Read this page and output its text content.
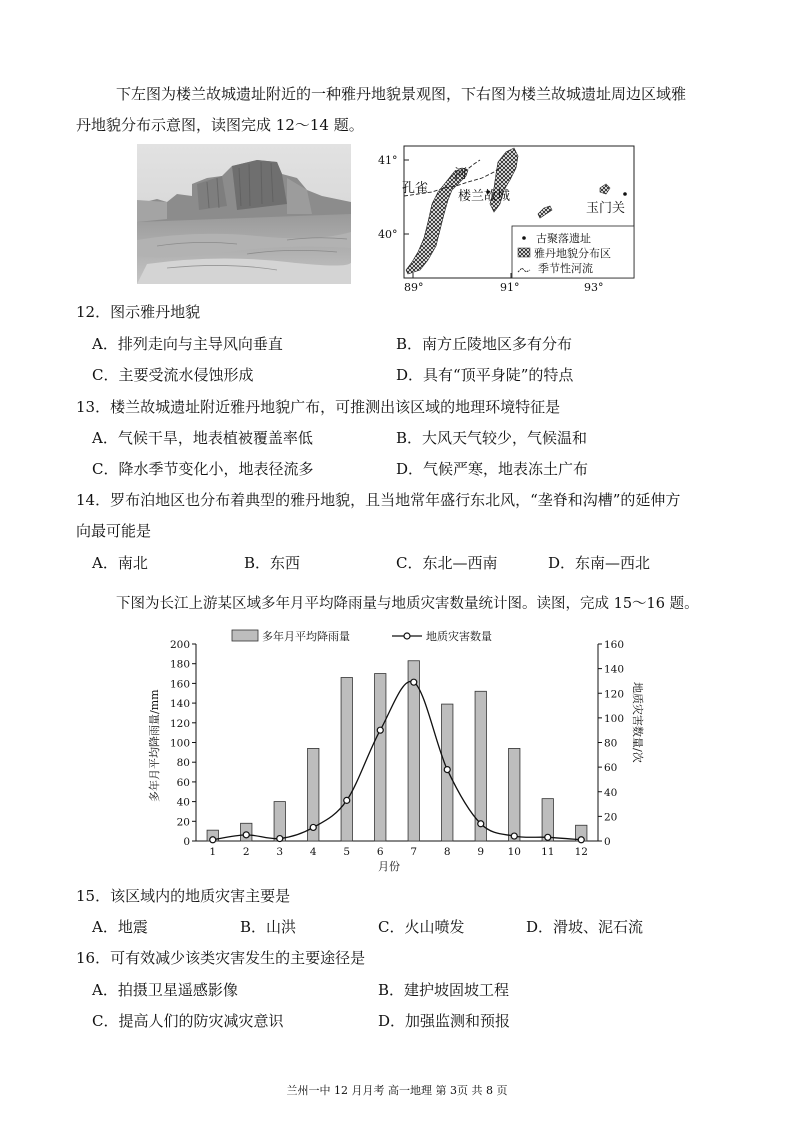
下左图为楼兰故城遗址附近的一种雅丹地貌景观图，下右图为楼兰故城遗址周边区域雅
丹地貌分布示意图，读图完成 12～14 题。
41°
40°
89°	91°	93°
孔雀
河
楼兰故城
玉门关
古聚落遗址
雅丹地貌分布区
季节性河流
12．图示雅丹地貌
A．排列走向与主导风向垂直	B．南方丘陵地区多有分布
C．主要受流水侵蚀形成	D．具有“顶平身陡”的特点
13．楼兰故城遗址附近雅丹地貌广布，可推测出该区域的地理环境特征是
A．气候干旱，地表植被覆盖率低	B．大风天气较少，气候温和
C．降水季节变化小，地表径流多	D．气候严寒，地表冻土广布
14．罗布泊地区也分布着典型的雅丹地貌，且当地常年盛行东北风，“垄脊和沟槽”的延伸方
向最可能是
A．南北	B．东西	C．东北—西南	D．东南—西北
下图为长江上游某区域多年月平均降雨量与地质灾害数量统计图。读图，完成 15～16 题。
多年月平均降雨量	地质灾害数量
多年月平均降雨量/mm	地质灾害数量/次
月份
0
20
40
60
80
100
120
140
160
180
200
0
20
40
60
80
100
120
140
160
1	2	3	4	5	6	7	8	9 10 11 12
15．该区域内的地质灾害主要是
A．地震	B．山洪	C．火山喷发	D．滑坡、泥石流
16．可有效减少该类灾害发生的主要途径是
A．拍摄卫星遥感影像	B．建护坡固坡工程
C．提高人们的防灾减灾意识	D．加强监测和预报
兰州一中 12 月月考 高一地理 第 3页 共 8 页
